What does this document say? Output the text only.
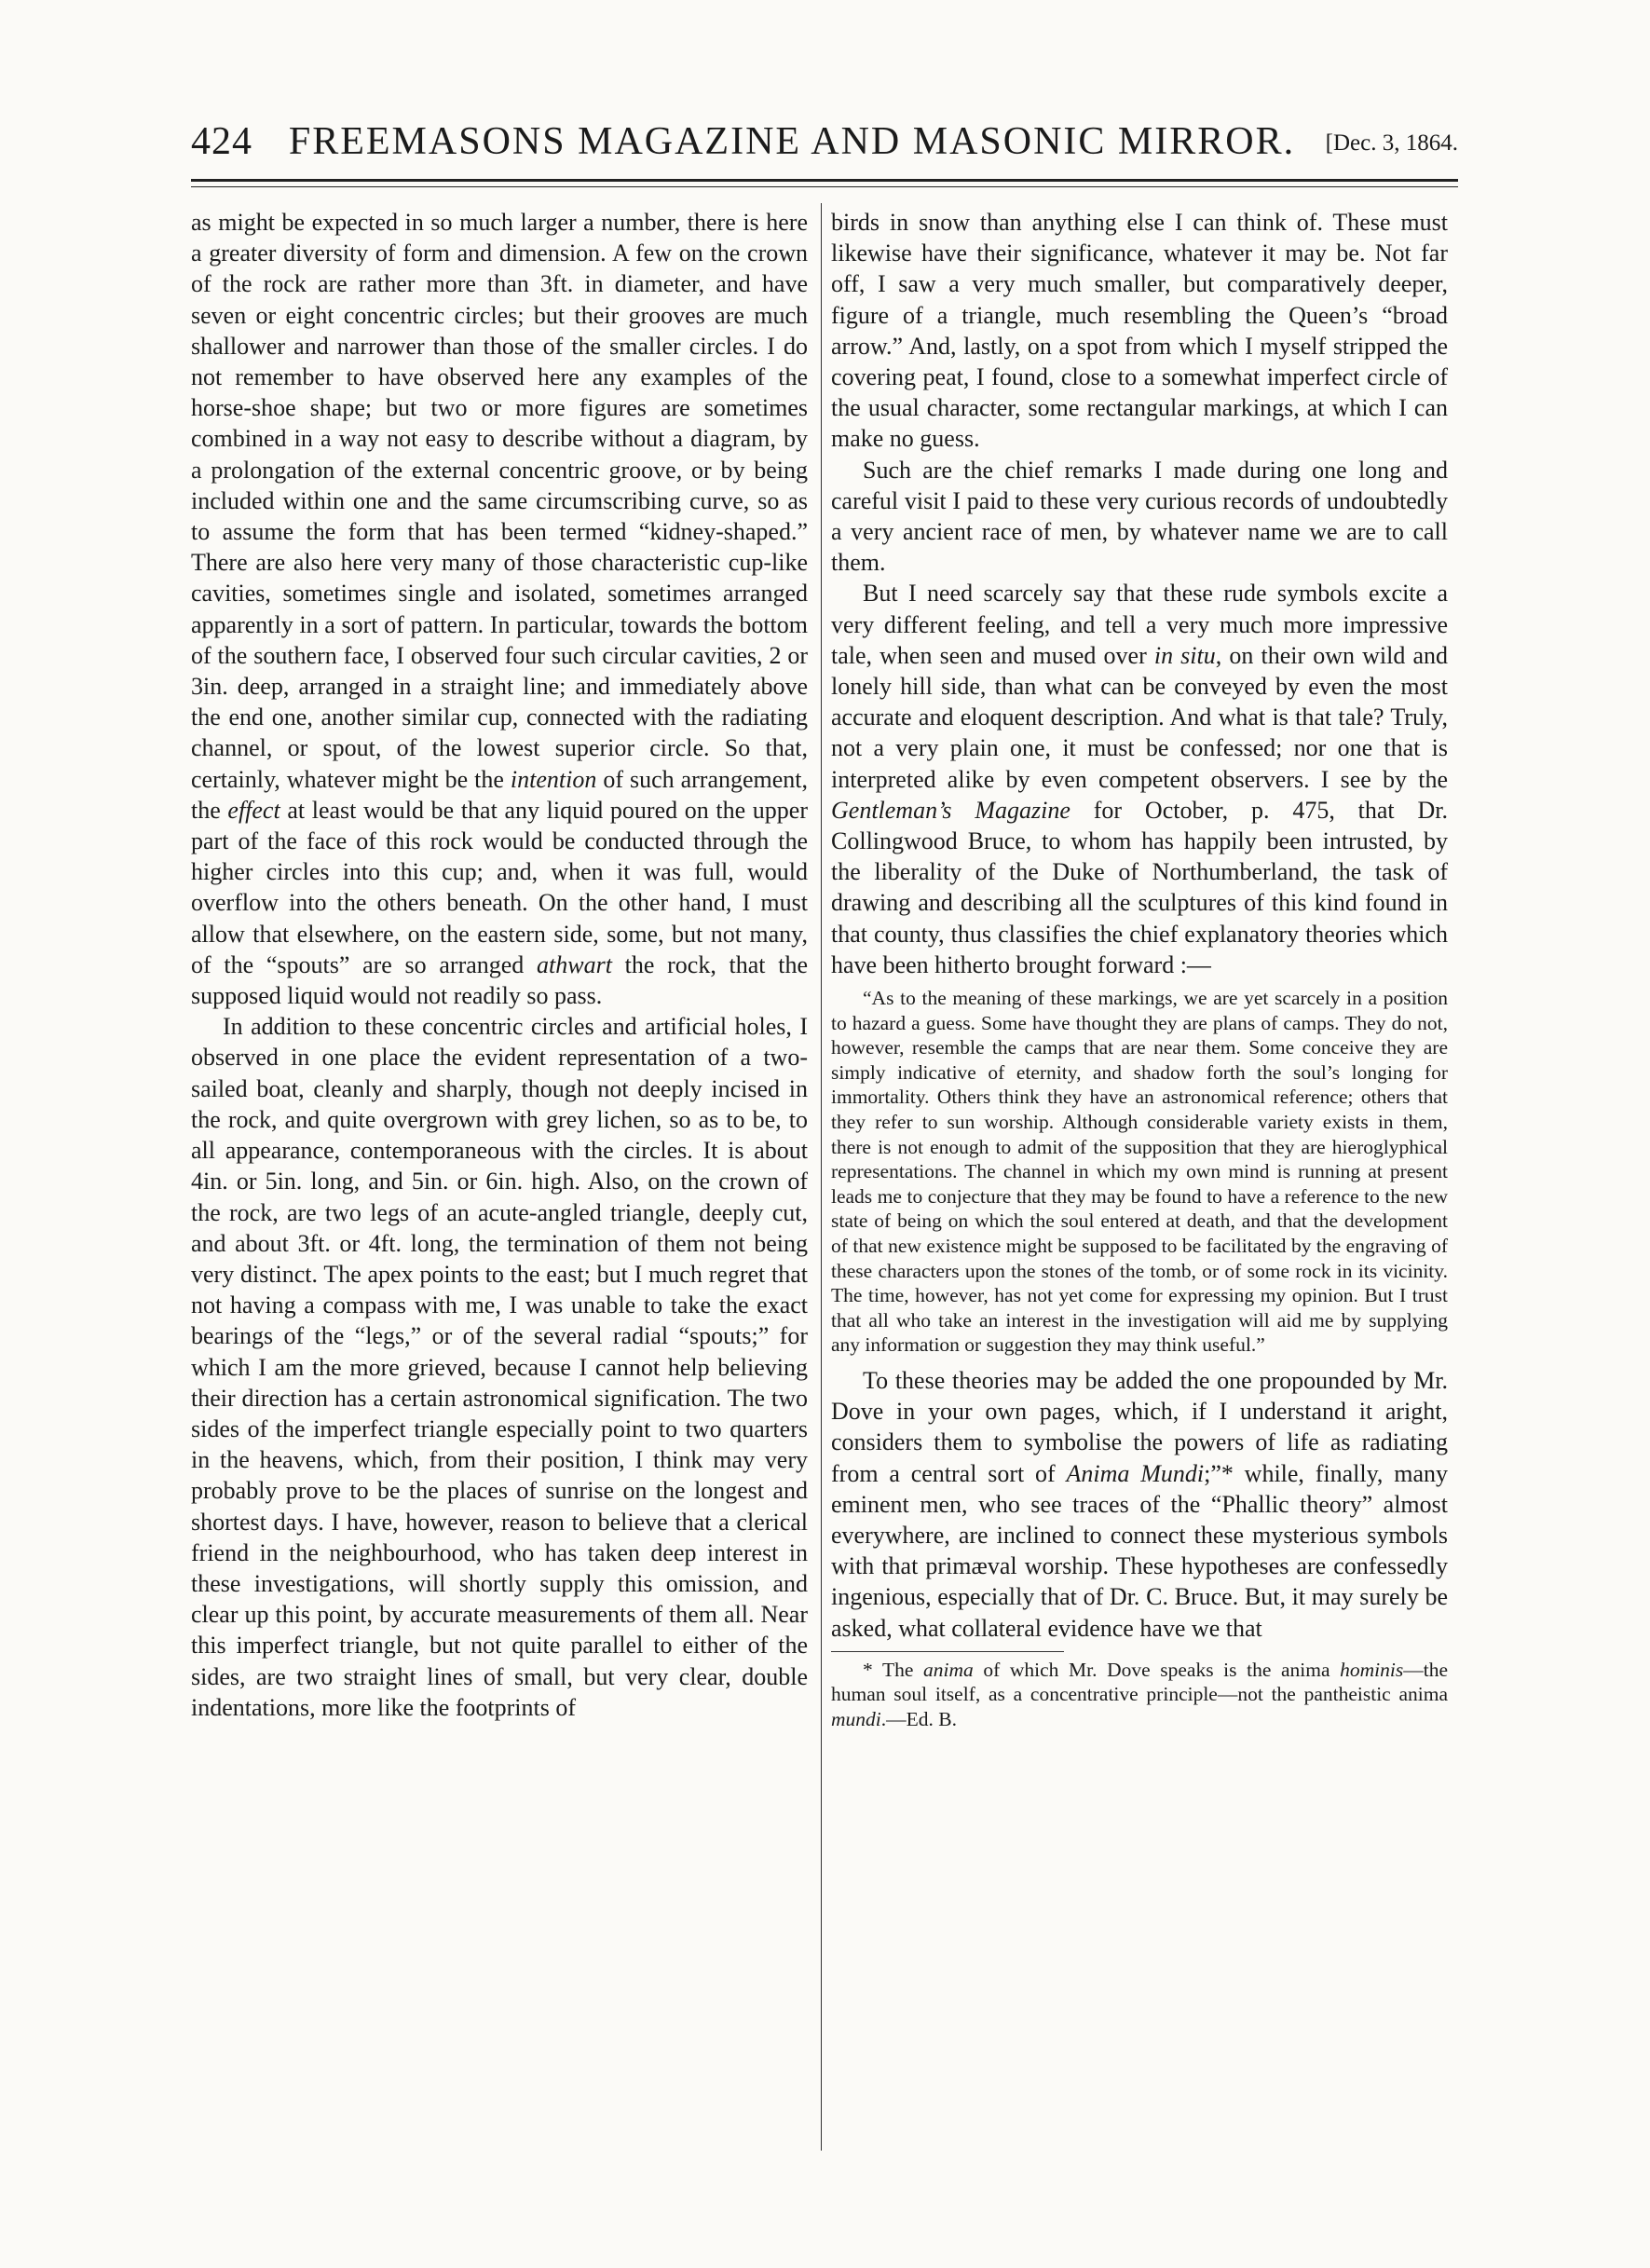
424 FREEMASONS MAGAZINE AND MASONIC MIRROR. [Dec. 3, 1864.

as might be expected in so much larger a number, there is here a greater diversity of form and dimension. A few on the crown of the rock are rather more than 3ft. in diameter, and have seven or eight concentric circles; but their grooves are much shallower and narrower than those of the smaller circles. I do not remember to have observed here any examples of the horse-shoe shape; but two or more figures are sometimes combined in a way not easy to describe without a diagram, by a prolongation of the external concentric groove, or by being included within one and the same circumscribing curve, so as to assume the form that has been termed “kidney-shaped.” There are also here very many of those characteristic cup-like cavities, sometimes single and isolated, sometimes arranged apparently in a sort of pattern. In particular, towards the bottom of the southern face, I observed four such circular cavities, 2 or 3in. deep, arranged in a straight line; and immediately above the end one, another similar cup, connected with the radiating channel, or spout, of the lowest superior circle. So that, certainly, whatever might be the intention of such arrangement, the effect at least would be that any liquid poured on the upper part of the face of this rock would be conducted through the higher circles into this cup; and, when it was full, would overflow into the others beneath. On the other hand, I must allow that elsewhere, on the eastern side, some, but not many, of the “spouts” are so arranged athwart the rock, that the supposed liquid would not readily so pass.

In addition to these concentric circles and artificial holes, I observed in one place the evident representation of a two-sailed boat, cleanly and sharply, though not deeply incised in the rock, and quite overgrown with grey lichen, so as to be, to all appearance, contemporaneous with the circles. It is about 4in. or 5in. long, and 5in. or 6in. high. Also, on the crown of the rock, are two legs of an acute-angled triangle, deeply cut, and about 3ft. or 4ft. long, the termination of them not being very distinct. The apex points to the east; but I much regret that not having a compass with me, I was unable to take the exact bearings of the “legs,” or of the several radial “spouts;” for which I am the more grieved, because I cannot help believing their direction has a certain astronomical signification. The two sides of the imperfect triangle especially point to two quarters in the heavens, which, from their position, I think may very probably prove to be the places of sunrise on the longest and shortest days. I have, however, reason to believe that a clerical friend in the neighbourhood, who has taken deep interest in these investigations, will shortly supply this omission, and clear up this point, by accurate measurements of them all. Near this imperfect triangle, but not quite parallel to either of the sides, are two straight lines of small, but very clear, double indentations, more like the footprints of

birds in snow than anything else I can think of. These must likewise have their significance, whatever it may be. Not far off, I saw a very much smaller, but comparatively deeper, figure of a triangle, much resembling the Queen’s “broad arrow.” And, lastly, on a spot from which I myself stripped the covering peat, I found, close to a somewhat imperfect circle of the usual character, some rectangular markings, at which I can make no guess.

Such are the chief remarks I made during one long and careful visit I paid to these very curious records of undoubtedly a very ancient race of men, by whatever name we are to call them.

But I need scarcely say that these rude symbols excite a very different feeling, and tell a very much more impressive tale, when seen and mused over in situ, on their own wild and lonely hill side, than what can be conveyed by even the most accurate and eloquent description. And what is that tale? Truly, not a very plain one, it must be confessed; nor one that is interpreted alike by even competent observers. I see by the Gentleman’s Magazine for October, p. 475, that Dr. Collingwood Bruce, to whom has happily been intrusted, by the liberality of the Duke of Northumberland, the task of drawing and describing all the sculptures of this kind found in that county, thus classifies the chief explanatory theories which have been hitherto brought forward :—

“As to the meaning of these markings, we are yet scarcely in a position to hazard a guess. Some have thought they are plans of camps. They do not, however, resemble the camps that are near them. Some conceive they are simply indicative of eternity, and shadow forth the soul’s longing for immortality. Others think they have an astronomical reference; others that they refer to sun worship. Although considerable variety exists in them, there is not enough to admit of the supposition that they are hieroglyphical representations. The channel in which my own mind is running at present leads me to conjecture that they may be found to have a reference to the new state of being on which the soul entered at death, and that the development of that new existence might be supposed to be facilitated by the engraving of these characters upon the stones of the tomb, or of some rock in its vicinity. The time, however, has not yet come for expressing my opinion. But I trust that all who take an interest in the investigation will aid me by supplying any information or suggestion they may think useful.”

To these theories may be added the one propounded by Mr. Dove in your own pages, which, if I understand it aright, considers them to symbolise the powers of life as radiating from a central sort of Anima Mundi;”* while, finally, many eminent men, who see traces of the “Phallic theory” almost everywhere, are inclined to connect these mysterious symbols with that primæval worship. These hypotheses are confessedly ingenious, especially that of Dr. C. Bruce. But, it may surely be asked, what collateral evidence have we that

* The anima of which Mr. Dove speaks is the anima hominis—the human soul itself, as a concentrative principle—not the pantheistic anima mundi.—Ed. B.
